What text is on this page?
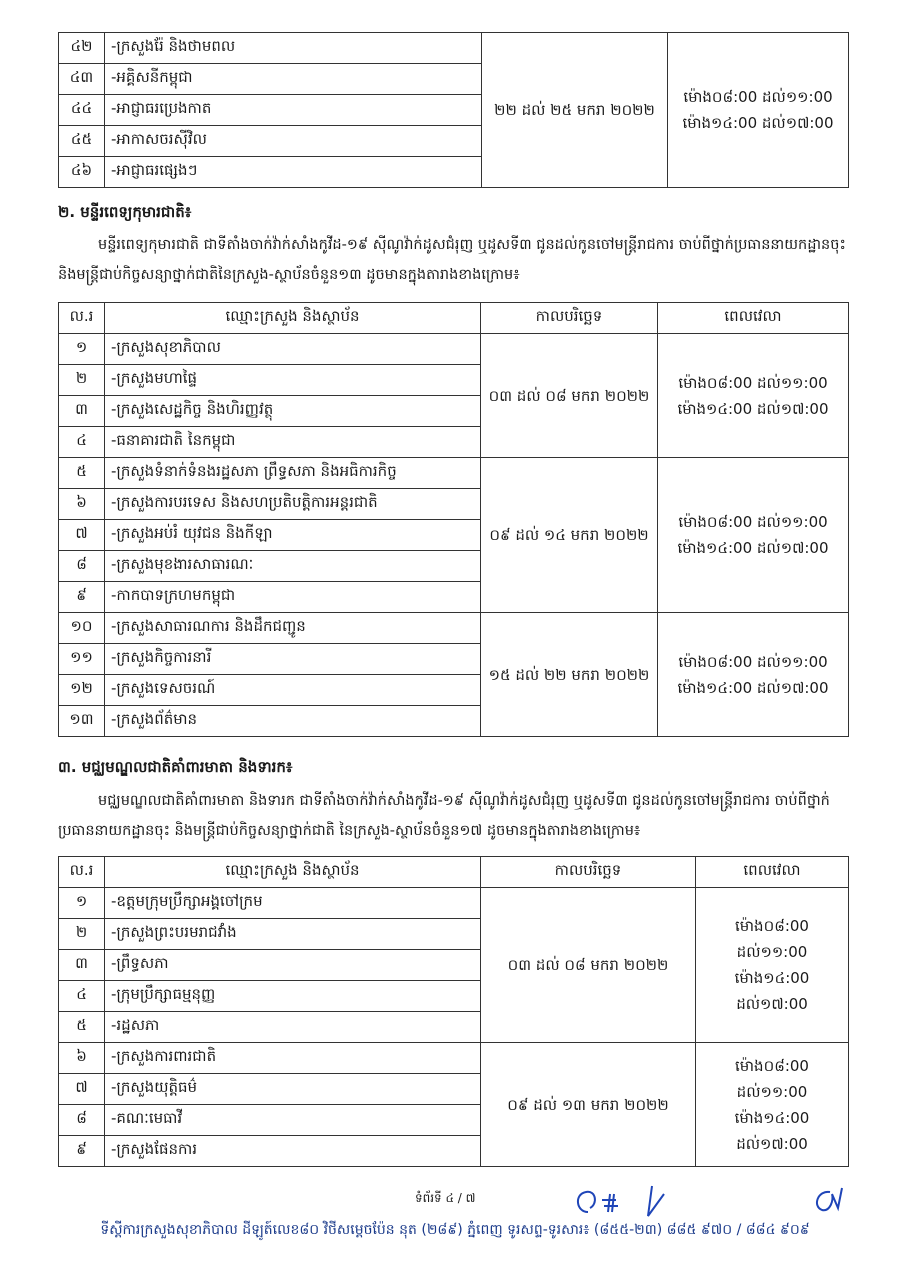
៤២	-ក្រសួងរ៉ែ និងថាមពល	២២ ដល់ ២៥ មករា ២០២២	ម៉ោង០៨:00 ដល់១១:00
ម៉ោង១៤:00 ដល់១៧:00

៤៣	-អគ្គិសនីកម្ពុជា		
៤៤	-អាជ្ញាធរប្រេងកាត		
៤៥	-អាកាសចរស៊ីវិល		
៤៦	-អាជ្ញាធរផ្សេងៗ		
២. មន្ទីរពេទ្យកុមារជាតិ៖
មន្ទីរពេទ្យកុមារជាតិ ជាទីតាំងចាក់វ៉ាក់សាំងកូវីដ-១៩ ស៊ីណូវ៉ាក់ដូសជំរុញ ឬដូសទី៣ ជូនដល់កូនចៅមន្ត្រីរាជការ ចាប់ពីថ្នាក់ប្រធាននាយកដ្ឋានចុះ និងមន្ត្រីជាប់កិច្ចសន្យាថ្នាក់ជាតិនៃក្រសួង-ស្ថាប័នចំនួន១៣ ដូចមានក្នុងតារាងខាងក្រោម៖
ល.រ	ឈ្មោះក្រសួង និងស្ថាប័ន	កាលបរិច្ឆេទ	ពេលវេលា
១	-ក្រសួងសុខាភិបាល	០៣ ដល់ ០៨ មករា ២០២២	ម៉ោង០៨:00 ដល់១១:00
ម៉ោង១៤:00 ដល់១៧:00

២	-ក្រសួងមហាផ្ទៃ		
៣	-ក្រសួងសេដ្ឋកិច្ច និងហិរញ្ញវត្ថុ		
៤	-ធនាគារជាតិ នៃកម្ពុជា		
៥	-ក្រសួងទំនាក់ទំនងរដ្ឋសភា ព្រឹទ្ធសភា និងអធិការកិច្ច	០៩ ដល់ ១៤ មករា ២០២២	ម៉ោង០៨:00 ដល់១១:00
ម៉ោង១៤:00 ដល់១៧:00

៦	-ក្រសួងការបរទេស និងសហប្រតិបត្តិការអន្តរជាតិ		
៧	-ក្រសួងអប់រំ យុវជន និងកីឡា		
៨	-ក្រសួងមុខងារសាធារណៈ		
៩	-កាកបាទក្រហមកម្ពុជា		
១០	-ក្រសួងសាធារណការ និងដឹកជញ្ជូន	១៥ ដល់ ២២ មករា ២០២២	ម៉ោង០៨:00 ដល់១១:00
ម៉ោង១៤:00 ដល់១៧:00

១១	-ក្រសួងកិច្ចការនារី		
១២	-ក្រសួងទេសចរណ៍		
១៣	-ក្រសួងព័ត៌មាន		
៣. មជ្ឈមណ្ឌលជាតិគាំពារមាតា និងទារក៖
មជ្ឈមណ្ឌលជាតិគាំពារមាតា និងទារក ជាទីតាំងចាក់វ៉ាក់សាំងកូវីដ-១៩ ស៊ីណូវ៉ាក់ដូសជំរុញ ឬដូសទី៣ ជូនដល់កូនចៅមន្ត្រីរាជការ ចាប់ពីថ្នាក់ប្រធាននាយកដ្ឋានចុះ និងមន្ត្រីជាប់កិច្ចសន្យាថ្នាក់ជាតិ នៃក្រសួង-ស្ថាប័នចំនួន១៧ ដូចមានក្នុងតារាងខាងក្រោម៖
ល.រ	ឈ្មោះក្រសួង និងស្ថាប័ន	កាលបរិច្ឆេទ	ពេលវេលា
១	-ឧត្តមក្រុមប្រឹក្សាអង្គចៅក្រម	០៣ ដល់ ០៨ មករា ២០២២	ម៉ោង០៨:00 ដល់១១:00
ម៉ោង១៤:00 ដល់១៧:00

២	-ក្រសួងព្រះបរមរាជវាំង		
៣	-ព្រឹទ្ធសភា		
៤	-ក្រុមប្រឹក្សាធម្មនុញ្ញ		
៥	-រដ្ឋសភា		
៦	-ក្រសួងការពារជាតិ	០៩ ដល់ ១៣ មករា ២០២២	ម៉ោង០៨:00 ដល់១១:00
ម៉ោង១៤:00 ដល់១៧:00

៧	-ក្រសួងយុត្តិធម៌		
៨	-គណៈមេធាវី		
៩	-ក្រសួងផែនការ		
ទំព័រទី ៤ / ៧
ទីស្តីការក្រសួងសុខាភិបាល ដីឡូត៍លេខ៨០ វិថីសម្តេចប៉ែន នុត (២៨៩) ភ្នំពេញ ទូរសព្ទ-ទូរសារ៖ (៨៥៥-២៣) ៨៨៥ ៩៧០ / ៨៨៤ ៩០៩
